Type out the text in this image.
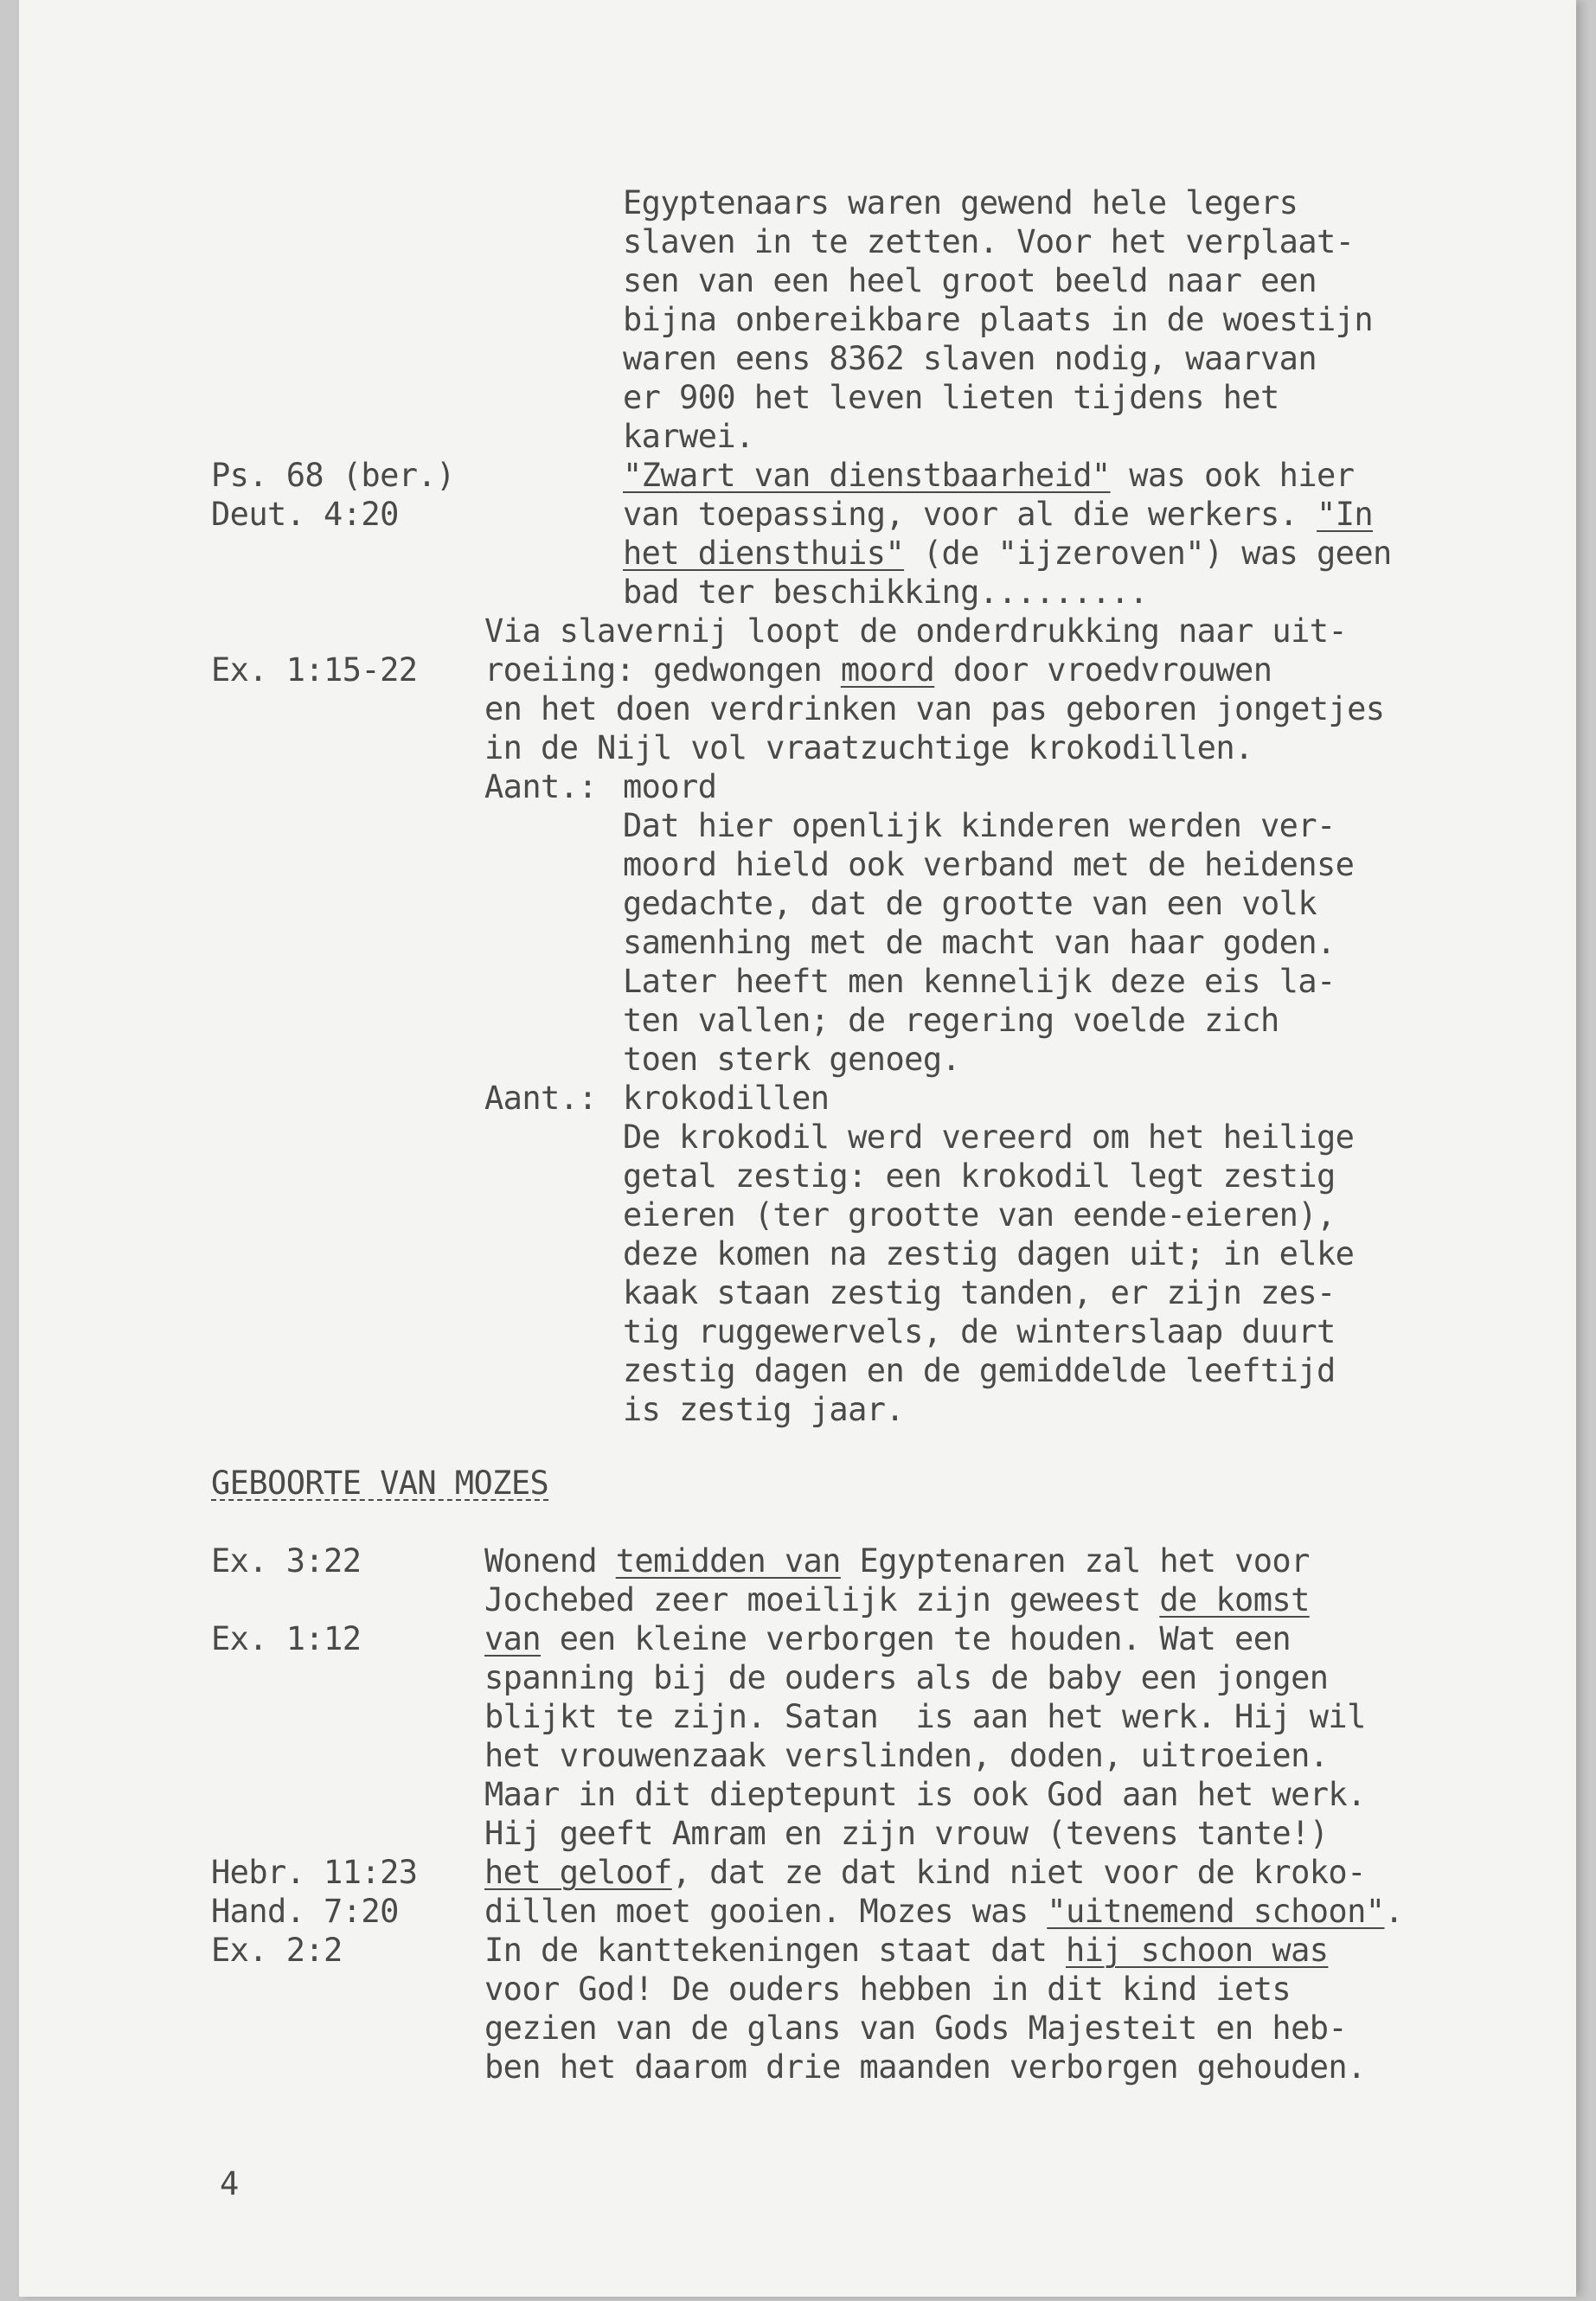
Egyptenaars waren gewend hele legers
slaven in te zetten. Voor het verplaat-
sen van een heel groot beeld naar een
bijna onbereikbare plaats in de woestijn
waren eens 8362 slaven nodig, waarvan
er 900 het leven lieten tijdens het
karwei.
Ps. 68 (ber.)	"Zwart van dienstbaarheid" was ook hier
Deut. 4:20	van toepassing, voor al die werkers. "In
het diensthuis" (de "ijzeroven") was geen
bad ter beschikking.........
Via slavernij loopt de onderdrukking naar uit-
Ex. 1:15-22 roeiing: gedwongen moord door vroedvrouwen
en het doen verdrinken van pas geboren jongetjes
in de Nijl vol vraatzuchtige krokodillen.
Aant.: moord
Dat hier openlijk kinderen werden ver-
moord hield ook verband met de heidense
gedachte, dat de grootte van een volk
samenhing met de macht van haar goden.
Later heeft men kennelijk deze eis la-
ten vallen; de regering voelde zich
toen sterk genoeg.
Aant.: krokodillen
De krokodil werd vereerd om het heilige
getal zestig: een krokodil legt zestig
eieren (ter grootte van eende-eieren),
deze komen na zestig dagen uit; in elke
kaak staan zestig tanden, er zijn zes-
tig ruggewervels, de winterslaap duurt
zestig dagen en de gemiddelde leeftijd
is zestig jaar.
GEBOORTE VAN MOZES
Ex. 3:22	Wonend temidden van Egyptenaren zal het voor
Jochebed zeer moeilijk zijn geweest de komst
Ex. 1:12	van een kleine verborgen te houden. Wat een
spanning bij de ouders als de baby een jongen
blijkt te zijn. Satan  is aan het werk. Hij wil
het vrouwenzaak verslinden, doden, uitroeien.
Maar in dit dieptepunt is ook God aan het werk.
Hij geeft Amram en zijn vrouw (tevens tante!)
Hebr. 11:23 het geloof, dat ze dat kind niet voor de kroko-
Hand. 7:20	dillen moet gooien. Mozes was "uitnemend schoon".
Ex. 2:2	In de kanttekeningen staat dat hij schoon was
voor God! De ouders hebben in dit kind iets
gezien van de glans van Gods Majesteit en heb-
ben het daarom drie maanden verborgen gehouden.
4
